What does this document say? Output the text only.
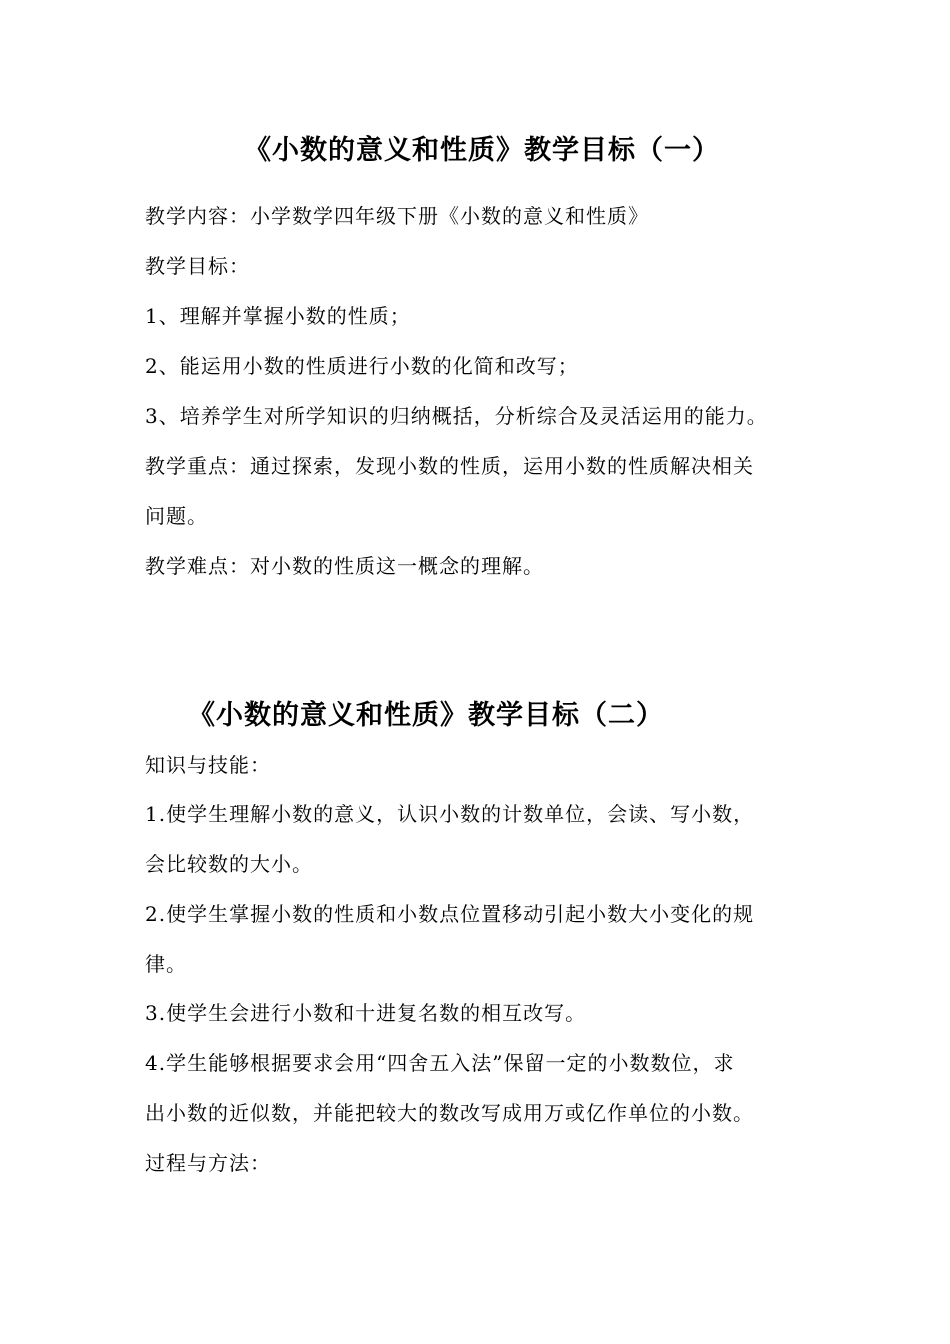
《小数的意义和性质》教学目标（一）
教学内容：小学数学四年级下册《小数的意义和性质》
教学目标：
1、理解并掌握小数的性质；
2、能运用小数的性质进行小数的化简和改写；
3、培养学生对所学知识的归纳概括，分析综合及灵活运用的能力。
教学重点：通过探索，发现小数的性质，运用小数的性质解决相关
问题。
教学难点：对小数的性质这一概念的理解。
《小数的意义和性质》教学目标（二）
知识与技能：
1.使学生理解小数的意义，认识小数的计数单位，会读、写小数，
会比较数的大小。
2.使学生掌握小数的性质和小数点位置移动引起小数大小变化的规
律。
3.使学生会进行小数和十进复名数的相互改写。
4.学生能够根据要求会用“四舍五入法”保留一定的小数数位，求
出小数的近似数，并能把较大的数改写成用万或亿作单位的小数。
过程与方法：
